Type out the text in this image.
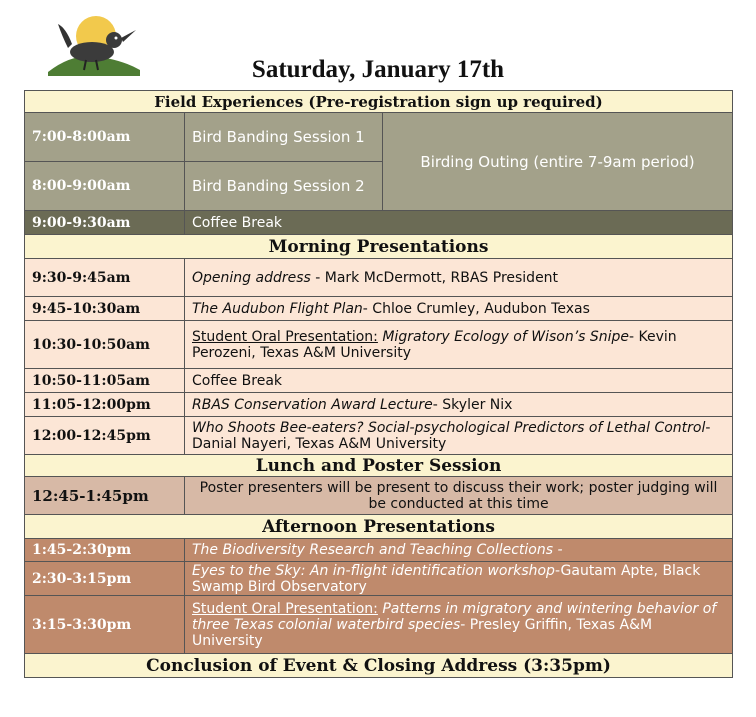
Saturday, January 17th
Field Experiences (Pre-registration sign up required)		
7:00-8:00am	Bird Banding Session 1	Birding Outing (entire 7-9am period)
8:00-9:00am	Bird Banding Session 2	
9:00-9:30am	Coffee Break	
Morning Presentations		
9:30-9:45am	Opening address - Mark McDermott, RBAS President	
9:45-10:30am	The Audubon Flight Plan- Chloe Crumley, Audubon Texas	
10:30-10:50am	Student Oral Presentation: Migratory Ecology of Wison’s Snipe- Kevin Perozeni, Texas A&M University	
10:50-11:05am	Coffee Break	
11:05-12:00pm	RBAS Conservation Award Lecture- Skyler Nix	
12:00-12:45pm	Who Shoots Bee-eaters? Social-psychological Predictors of Lethal Control- Danial Nayeri, Texas A&M University	
Lunch and Poster Session		
12:45-1:45pm	Poster presenters will be present to discuss their work; poster judging will be conducted at this time	
Afternoon Presentations		
1:45-2:30pm	The Biodiversity Research and Teaching Collections -	
2:30-3:15pm	Eyes to the Sky: An in-flight identification workshop-Gautam Apte, Black Swamp Bird Observatory	
3:15-3:30pm	Student Oral Presentation: Patterns in migratory and wintering behavior of three Texas colonial waterbird species- Presley Griffin, Texas A&M University	
Conclusion of Event & Closing Address (3:35pm)		
